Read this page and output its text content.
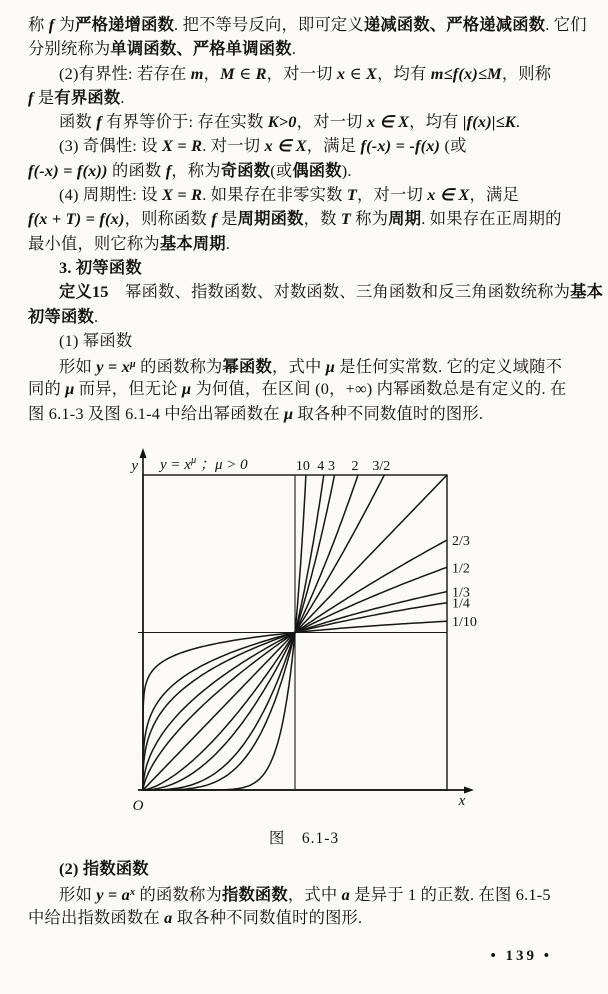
称 f 为严格递增函数. 把不等号反向，即可定义递减函数、严格递减函数. 它们
分别统称为单调函数、严格单调函数.
(2)有界性: 若存在 m，M ∈ R，对一切 x ∈ X，均有 m≤f(x)≤M，则称
f 是有界函数.
函数 f 有界等价于: 存在实数 K>0，对一切 x ∈ X，均有 |f(x)|≤K.
(3) 奇偶性: 设 X = R. 对一切 x ∈ X，满足 f(-x) = -f(x) (或
f(-x) = f(x)) 的函数 f，称为奇函数(或偶函数).
(4) 周期性: 设 X = R. 如果存在非零实数 T，对一切 x ∈ X，满足
f(x + T) = f(x)，则称函数 f 是周期函数，数 T 称为周期. 如果存在正周期的
最小值，则它称为基本周期.
3. 初等函数
定义15　幂函数、指数函数、对数函数、三角函数和反三角函数统称为基本
初等函数.
(1) 幂函数
形如 $y = x^\mu$ 的函数称为幂函数，式中 μ 是任何实常数. 它的定义域随不
同的 μ 而异，但无论 μ 为何值，在区间 (0，+∞) 内幂函数总是有定义的. 在
图 6.1-3 及图 6.1-4 中给出幂函数在 μ 取各种不同数值时的图形.
10 4 3 2 3/2
2/3
1/2
1/3
1/4
1/10
y
x
O
$y = x^\mu$ ；μ > 0
图　6.1-3
(2) 指数函数
形如 $y = a^x$ 的函数称为指数函数，式中 a 是异于 1 的正数. 在图 6.1-5
中给出指数函数在 a 取各种不同数值时的图形.
• 139 •
